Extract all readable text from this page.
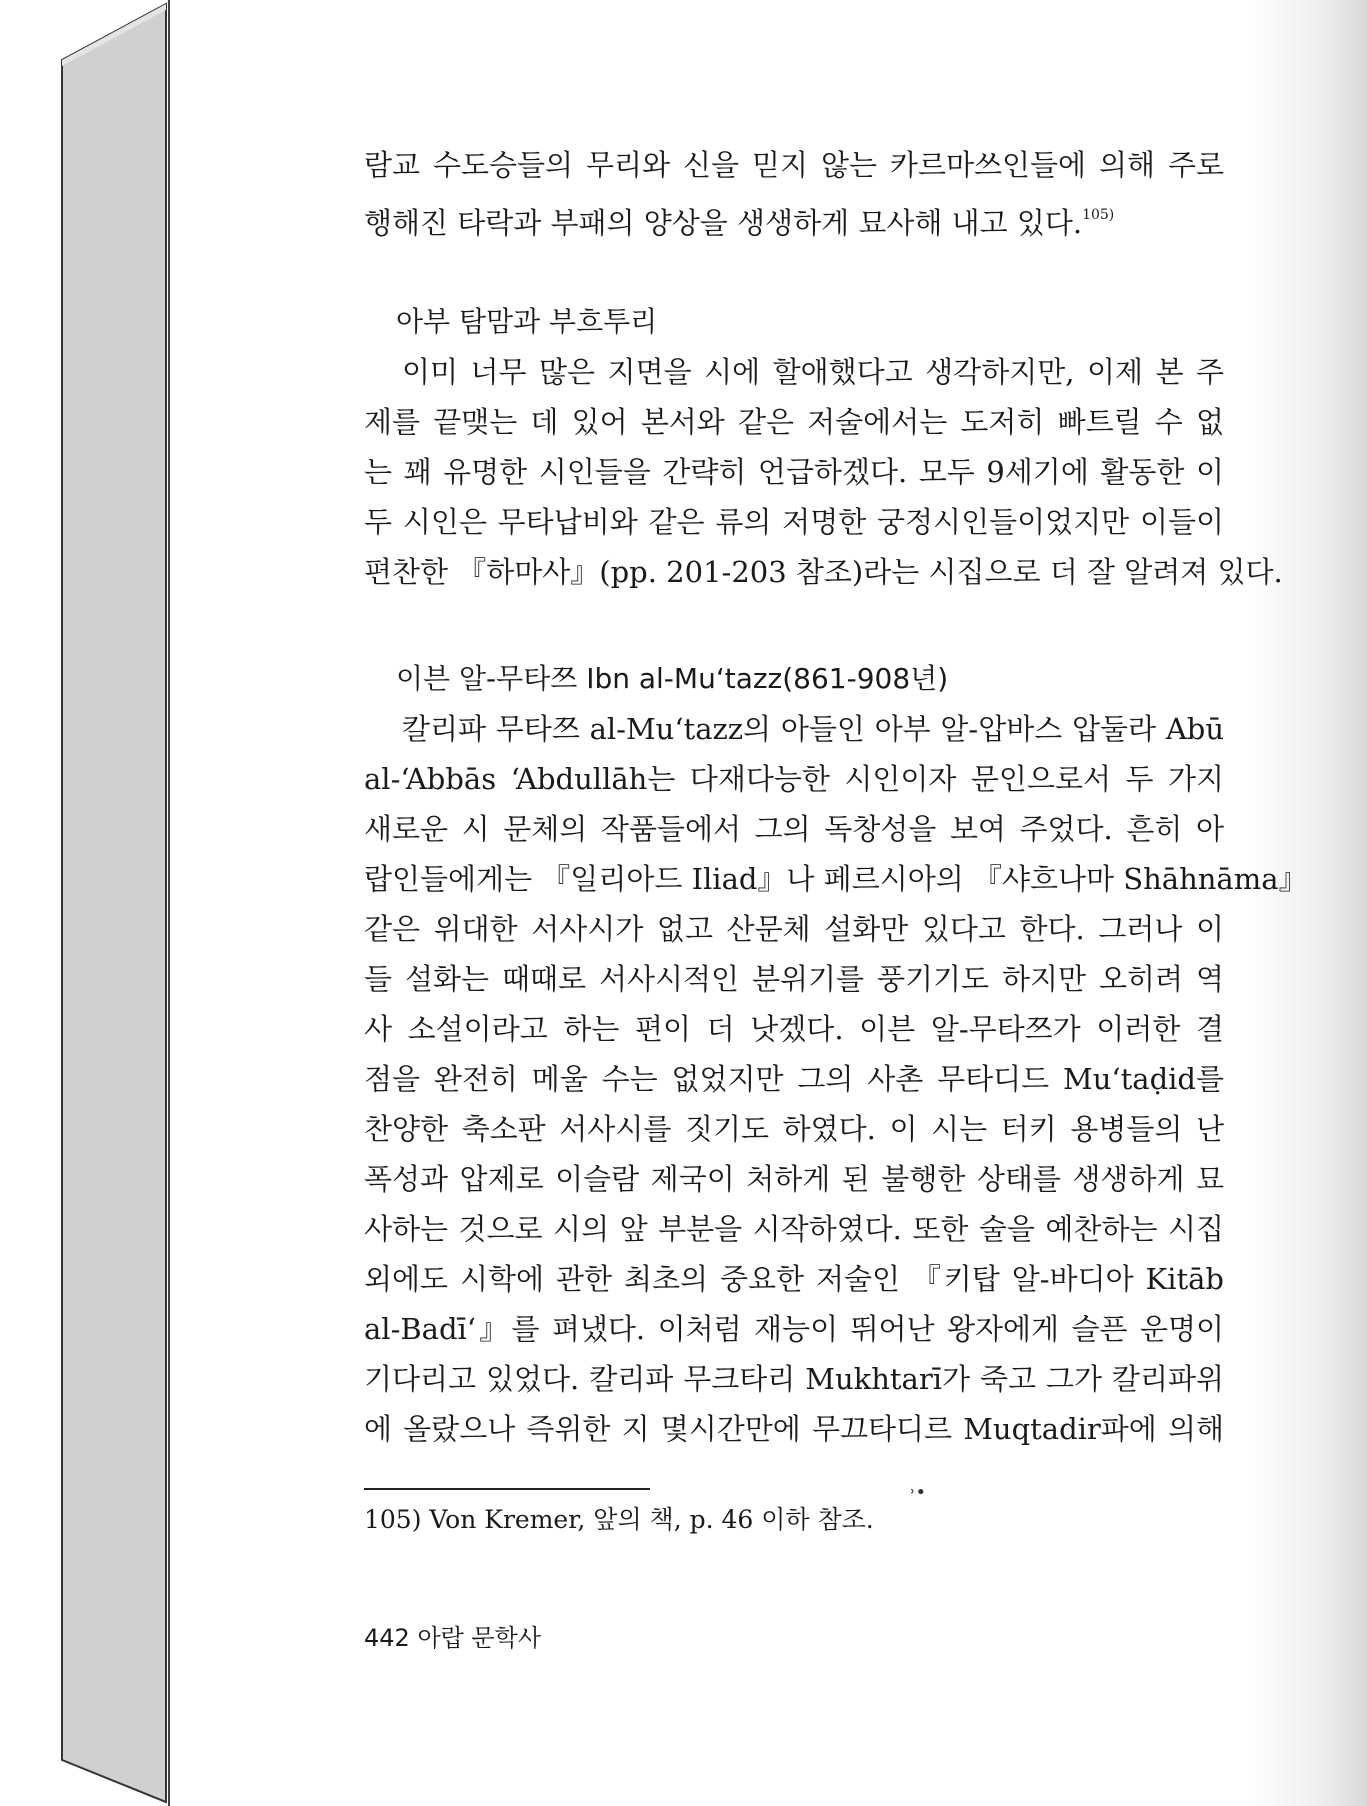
람교 수도승들의 무리와 신을 믿지 않는 카르마쓰인들에 의해 주로
행해진 타락과 부패의 양상을 생생하게 묘사해 내고 있다.$^{105)}$
아부 탐맘과 부흐투리
이미 너무 많은 지면을 시에 할애했다고 생각하지만, 이제 본 주
제를 끝맺는 데 있어 본서와 같은 저술에서는 도저히 빠트릴 수 없
는 꽤 유명한 시인들을 간략히 언급하겠다. 모두 9세기에 활동한 이
두 시인은 무타납비와 같은 류의 저명한 궁정시인들이었지만 이들이
편찬한 『하마사』(pp. 201-203 참조)라는 시집으로 더 잘 알려져 있다.
이븐 알-무타쯔 Ibn al-Mu‘tazz(861-908년)
칼리파 무타쯔 al-Mu‘tazz의 아들인 아부 알-압바스 압둘라 Abū
al-‘Abbās ‘Abdullāh는 다재다능한 시인이자 문인으로서 두 가지
새로운 시 문체의 작품들에서 그의 독창성을 보여 주었다. 흔히 아
랍인들에게는 『일리아드 Iliad』나 페르시아의 『샤흐나마 Shāhnāma』
같은 위대한 서사시가 없고 산문체 설화만 있다고 한다. 그러나 이
들 설화는 때때로 서사시적인 분위기를 풍기기도 하지만 오히려 역
사 소설이라고 하는 편이 더 낫겠다. 이븐 알-무타쯔가 이러한 결
점을 완전히 메울 수는 없었지만 그의 사촌 무타디드 Mu‘taḍid를
찬양한 축소판 서사시를 짓기도 하였다. 이 시는 터키 용병들의 난
폭성과 압제로 이슬람 제국이 처하게 된 불행한 상태를 생생하게 묘
사하는 것으로 시의 앞 부분을 시작하였다. 또한 술을 예찬하는 시집
외에도 시학에 관한 최초의 중요한 저술인 『키탑 알-바디아 Kitāb
al-Badī‘』를 펴냈다. 이처럼 재능이 뛰어난 왕자에게 슬픈 운명이
기다리고 있었다. 칼리파 무크타리 Mukhtarī가 죽고 그가 칼리파위
에 올랐으나 즉위한 지 몇시간만에 무끄타디르 Muqtadir파에 의해
˒•
105) Von Kremer, 앞의 책, p. 46 이하 참조.
442 아랍 문학사
